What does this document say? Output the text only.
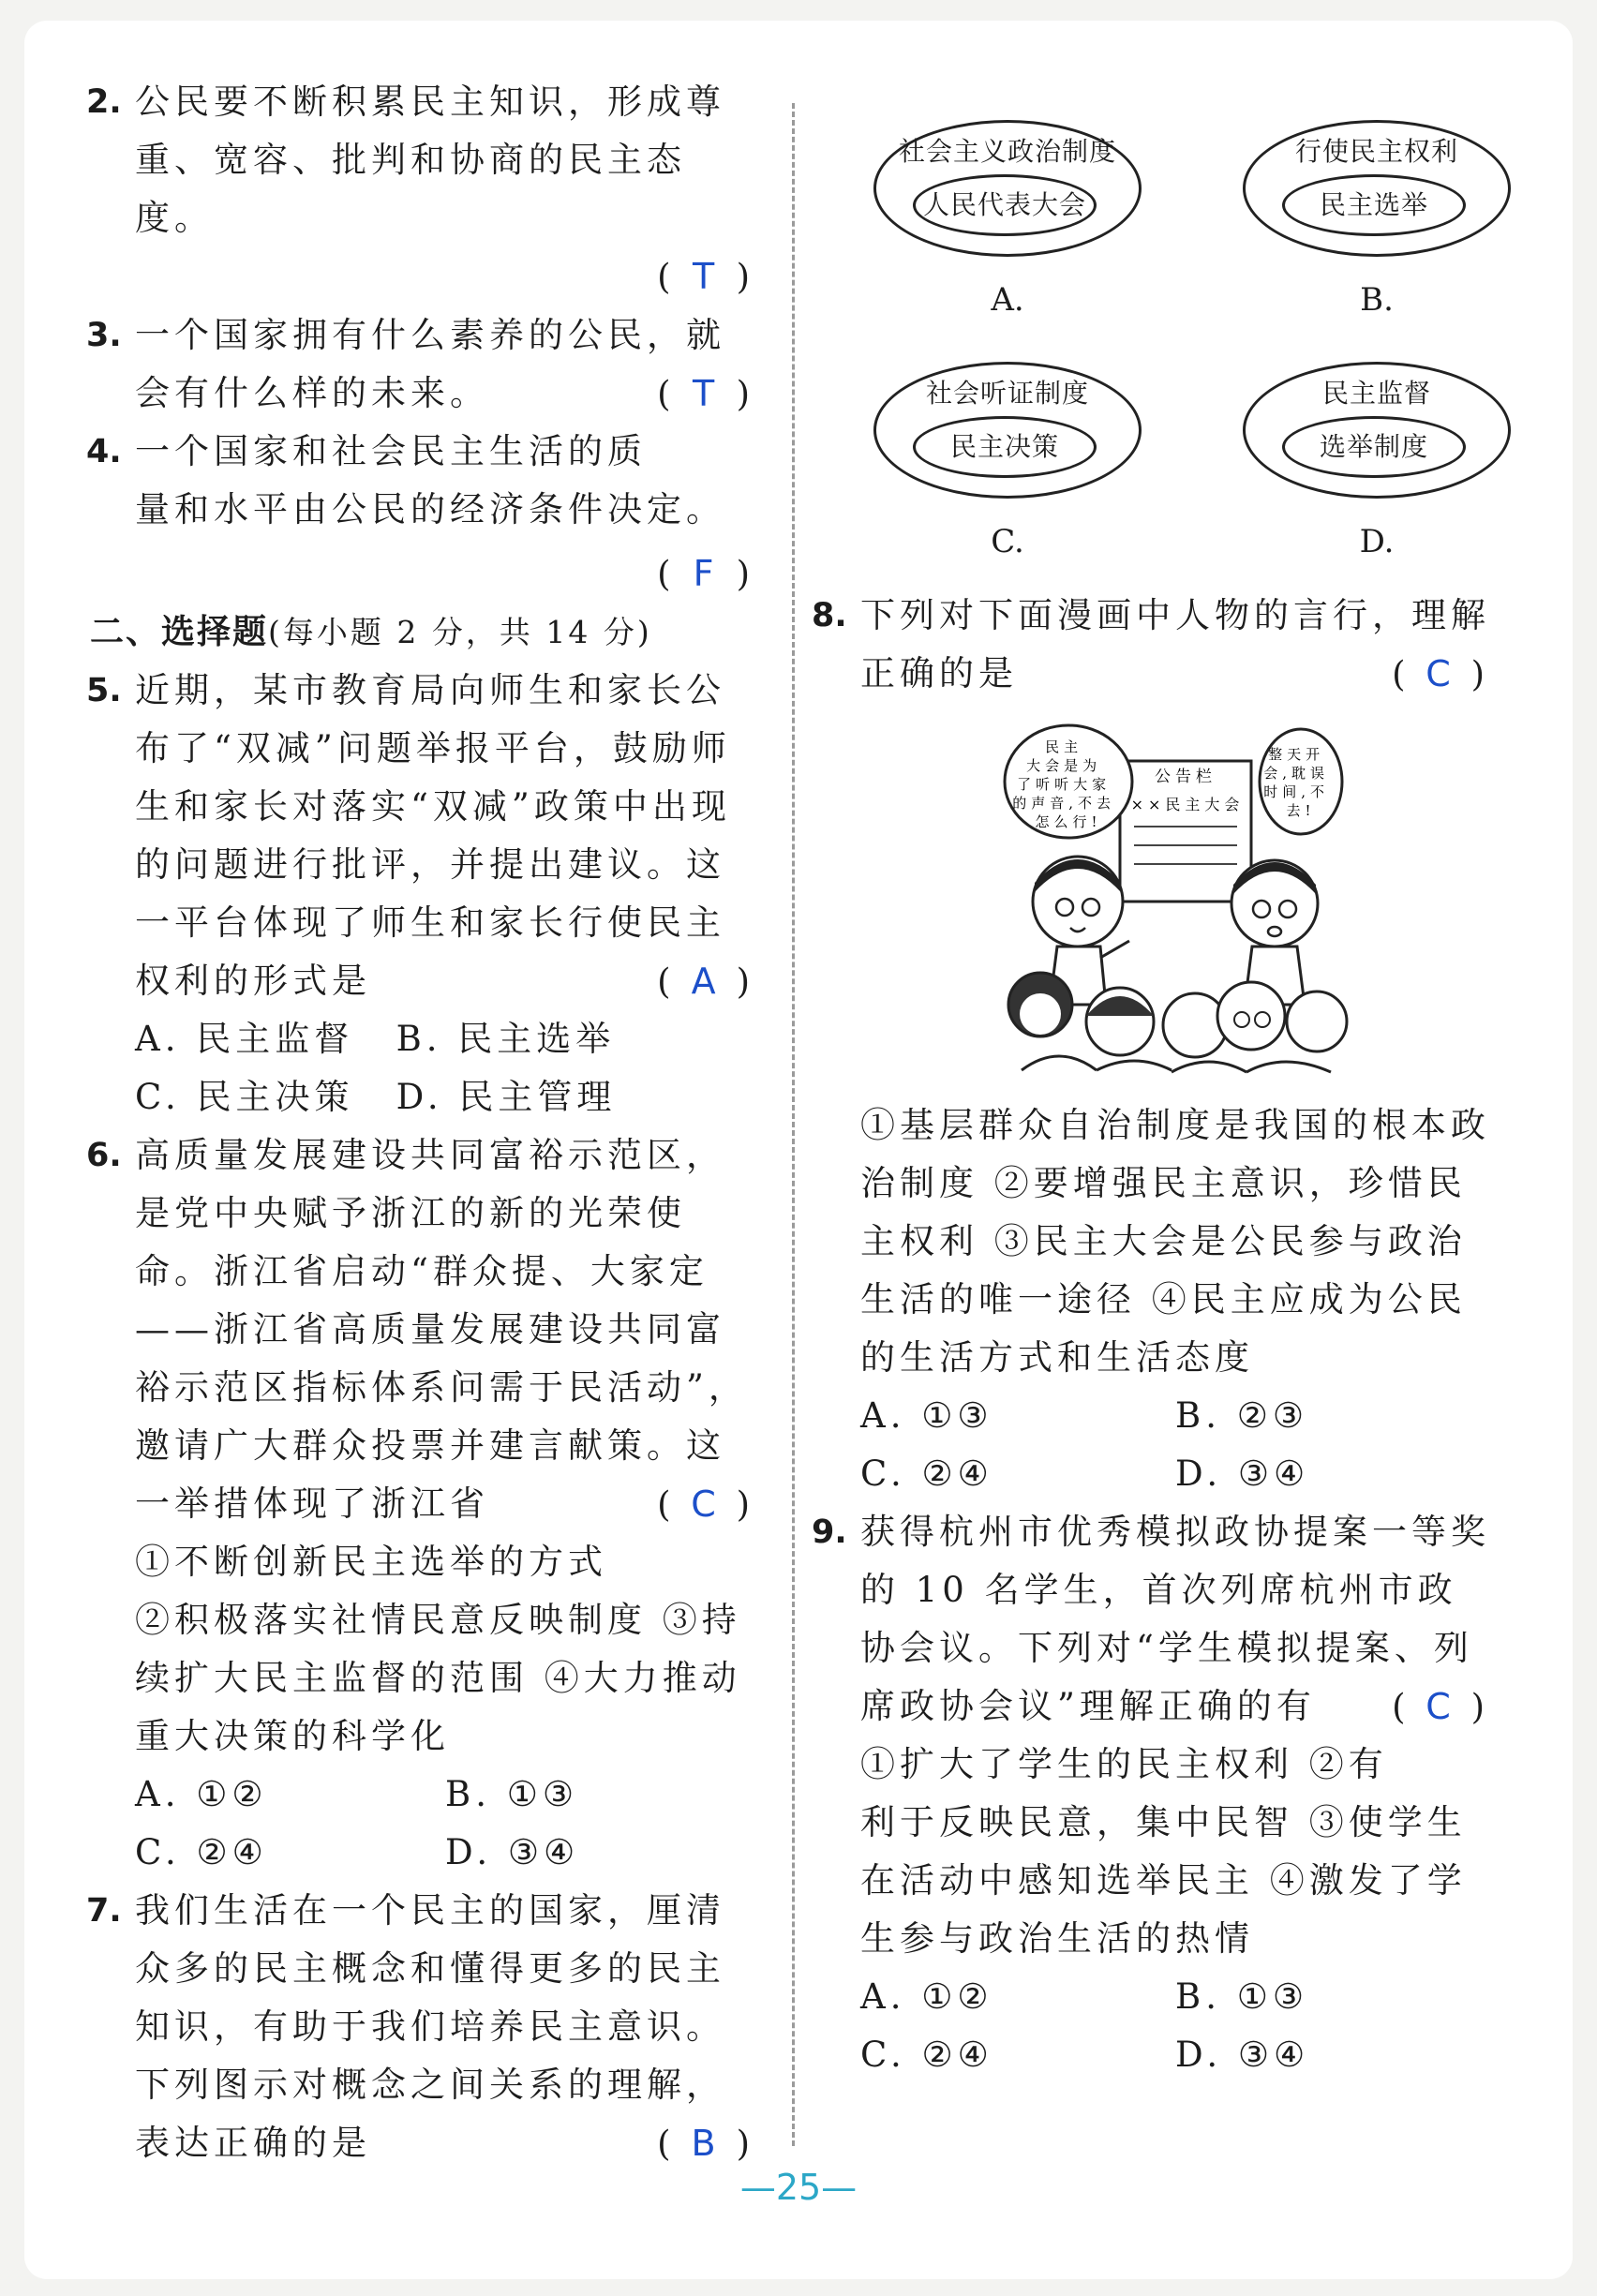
2. 公民要不断积累民主知识，形成尊重、宽容、批判和协商的民主态度。
( T )
3. 一个国家拥有什么素养的公民，就会有什么样的未来。	( T )
4. 一个国家和社会民主生活的质量和水平由公民的经济条件决定。
( F )
二、选择题(每小题 2 分，共 14 分)
5. 近期，某市教育局向师生和家长公布了“双减”问题举报平台，鼓励师生和家长对落实“双减”政策中出现的问题进行批评，并提出建议。这一平台体现了师生和家长行使民主权利的形式是	( A )
A. 民主监督	B. 民主选举
C. 民主决策	D. 民主管理
6. 高质量发展建设共同富裕示范区，是党中央赋予浙江的新的光荣使命。浙江省启动“群众提、大家定——浙江省高质量发展建设共同富裕示范区指标体系问需于民活动”，邀请广大群众投票并建言献策。这一举措体现了浙江省	( C )
①不断创新民主选举的方式 ②积极落实社情民意反映制度 ③持续扩大民主监督的范围 ④大力推动重大决策的科学化
A. ①②	B. ①③
C. ②④	D. ③④
7. 我们生活在一个民主的国家，厘清众多的民主概念和懂得更多的民主知识，有助于我们培养民主意识。下列图示对概念之间关系的理解，表达正确的是	( B )
社会主义政治制度
人民代表大会
A.
行使民主权利
民主选举
B.
社会听证制度
民主决策
C.
民主监督
选举制度
D.
8. 下列对下面漫画中人物的言行，理解正确的是	( C )
公告栏
××民主大会
民主 大会是为 了听听大家 的声音,不去 怎么行!
整天开 会,耽误 时间,不 去!
①基层群众自治制度是我国的根本政治制度 ②要增强民主意识，珍惜民主权利 ③民主大会是公民参与政治生活的唯一途径 ④民主应成为公民的生活方式和生活态度
A. ①③	B. ②③
C. ②④	D. ③④
9. 获得杭州市优秀模拟政协提案一等奖的 10 名学生，首次列席杭州市政协会议。下列对“学生模拟提案、列席政协会议”理解正确的有 ( C )
①扩大了学生的民主权利 ②有利于反映民意，集中民智 ③使学生在活动中感知选举民主 ④激发了学生参与政治生活的热情
A. ①②	B. ①③
C. ②④	D. ③④
—25—
